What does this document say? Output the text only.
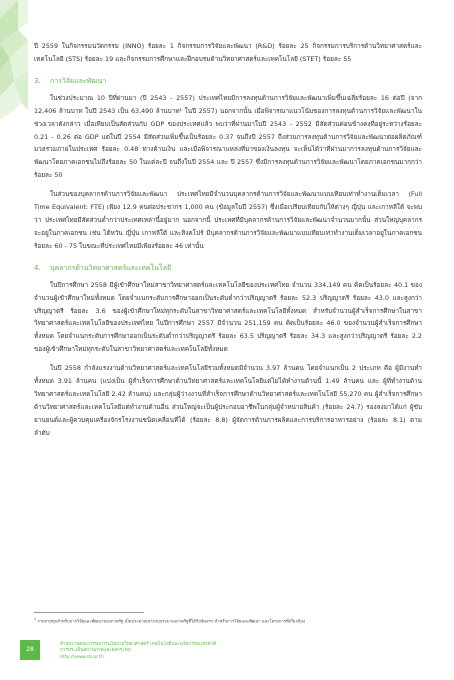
ปี 2559 ในกิจกรรมนวัตกรรม (INNO) ร้อยละ 1 กิจกรรมการวิจัยและพัฒนา (R&D) ร้อยละ 25 กิจกรรมการบริการด้านวิทยาศาสตร์และเทคโนโลยี (STS) ร้อยละ 19 และกิจกรรมการศึกษาและฝึกอบรมด้านวิทยาศาสตร์และเทคโนโลยี (STET) ร้อยละ 55

3. การวิจัยและพัฒนา

ในช่วงประมาณ 10 ปีที่ผ่านมา (ปี 2543 - 2557) ประเทศไทยมีการลงทุนด้านการวิจัยและพัฒนาเพิ่มขึ้นเฉลี่ยร้อยละ 16 ต่อปี (จาก 12,406 ล้านบาท ในปี 2543 เป็น 63,490 ล้านบาท¹ ในปี 2557) นอกจากนั้น เมื่อพิจารณาแนวโน้มของการลงทุนด้านการวิจัยและพัฒนาในช่วงเวลาดังกล่าว เมื่อเทียบเป็นสัดส่วนกับ GDP ของประเทศแล้ว พบว่าที่ผ่านมาในปี 2543 - 2552 มีสัดส่วนค่อนข้างคงที่อยู่ระหว่างร้อยละ 0.21 - 0.26 ต่อ GDP แต่ในปี 2554 มีสัดส่วนเพิ่มขึ้นเป็นร้อยละ 0.37 จนถึงปี 2557 ถึงส่วนการลงทุนด้านการวิจัยและพัฒนาต่อผลิตภัณฑ์มวลรวมภายในประเทศ ร้อยละ 0.48 ทางด้านเงิน และเมื่อพิจารณาแหล่งที่มาของเงินลงทุน จะเห็นได้ว่าที่ผ่านมาการลงทุนด้านการวิจัยและพัฒนาโดยภาคเอกชนไม่ถึงร้อยละ 50 ในแต่ละปี จนถึงในปี 2554 และ ปี 2557 ซึ่งมีการลงทุนด้านการวิจัยและพัฒนาโดยภาคเอกชนมากกว่าร้อยละ 50

ในส่วนของบุคลากรด้านการวิจัยและพัฒนา ประเทศไทยมีจำนวนบุคลากรด้านการวิจัยและพัฒนาแบบเทียบเท่าทำงานเต็มเวลา (Full Time Equivalent: FTE) เพียง 12.9 คนต่อประชากร 1,000 คน (ข้อมูลในปี 2557) ซึ่งเมื่อเปรียบเทียบกับให้ต่างๆ ญี่ปุ่น และเกาหลีใต้ จะพบว่า ประเทศไทยมีสัดส่วนต่ำกว่าประเทศเหล่านี้อยู่มาก นอกจากนี้ ประเทศที่มีบุคลากรด้านการวิจัยและพัฒนาจำนวนมากนั้น ส่วนใหญ่บุคลากรจะอยู่ในภาคเอกชน เช่น ไต้หวัน ญี่ปุ่น เกาหลีใต้ และสิงคโปร์ มีบุคลากรด้านการวิจัยและพัฒนาแบบเทียบเท่าทำงานเต็มเวลาอยู่ในภาคเอกชนร้อยละ 60 - 75 ในขณะที่ประเทศไทยมีเพียงร้อยละ 46 เท่านั้น

4. บุคลากรด้านวิทยาศาสตร์และเทคโนโลยี

ในปีการศึกษา 2558 มีผู้เข้าศึกษาใหม่สาขาวิทยาศาสตร์และเทคโนโลยีของประเทศไทย จำนวน 334,149 คน คิดเป็นร้อยละ 40.1 ของจำนวนผู้เข้าศึกษาใหม่ทั้งหมด โดยจำแนกระดับการศึกษาออกเป็นระดับต่ำกว่าปริญญาตรี ร้อยละ 52.3 ปริญญาตรี ร้อยละ 43.0 และสูงกว่าปริญญาตรี ร้อยละ 3.6 ของผู้เข้าศึกษาใหม่ทุกระดับในสาขาวิทยาศาสตร์และเทคโนโลยีทั้งหมด สำหรับจำนวนผู้สำเร็จการศึกษาในสาขาวิทยาศาสตร์และเทคโนโลยีของประเทศไทย ในปีการศึกษา 2557 มีจำนวน 251,159 คน คิดเป็นร้อยละ 46.0 ของจำนวนผู้สำเร็จการศึกษาทั้งหมด โดยจำแนกระดับการศึกษาออกเป็นระดับต่ำกว่าปริญญาตรี ร้อยละ 63.5 ปริญญาตรี ร้อยละ 34.3 และสูงกว่าปริญญาตรี ร้อยละ 2.2 ของผู้เข้าศึกษาใหม่ทุกระดับในสาขาวิทยาศาสตร์และเทคโนโลยีทั้งหมด

ในปี 2558 กำลังแรงงานด้านวิทยาศาสตร์และเทคโนโลยีรวมทั้งหมดมีจำนวน 3.97 ล้านคน โดยจำแนกเป็น 2 ประเภท คือ ผู้มีงานทำทั้งหมด 3.91 ล้านคน (แบ่งเป็น ผู้สำเร็จการศึกษาด้านวิทยาศาสตร์และเทคโนโลยีแต่ไม่ได้ทำงานด้านนี้ 1.49 ล้านคน และ ผู้ที่ทำงานด้านวิทยาศาสตร์และเทคโนโลยี 2.42 ล้านคน) และกลุ่มผู้ว่างงานที่สำเร็จการศึกษาด้านวิทยาศาสตร์และเทคโนโลยี 55,270 คน ผู้สำเร็จการศึกษาด้านวิทยาศาสตร์และเทคโนโลยีแต่ทำงานด้านอื่น ส่วนใหญ่จะเป็นผู้ประกอบอาชีพในกลุ่มผู้จำหน่ายสินค้า (ร้อยละ 24.7) รองลงมาได้แก่ ผู้ขับยานยนต์และผู้ควบคุมเครื่องจักรโรงงานชนิดเคลื่อนที่ได้ (ร้อยละ 8.8) ผู้จัดการด้านการผลิตและการบริการอาหารอย่าง (ร้อยละ 8.1) ตามลำดับ

$^1$ รายจ่ายทุกสำหรับการวิจัยและพัฒนาของภาครัฐ เป็นประมาณจากงบประมาณภาครัฐที่ได้รับจัดสรร สำหรับการวิจัยและพัฒนา และโครงการที่เกี่ยวข้อง
28
สำนักงานคณะกรรมการนโยบายวิทยาศาสตร์ เทคโนโลยีและนวัตกรรมแห่งชาติ
การประเมินสถานภาพและผลกระทบ
http://www.sti.or.th
